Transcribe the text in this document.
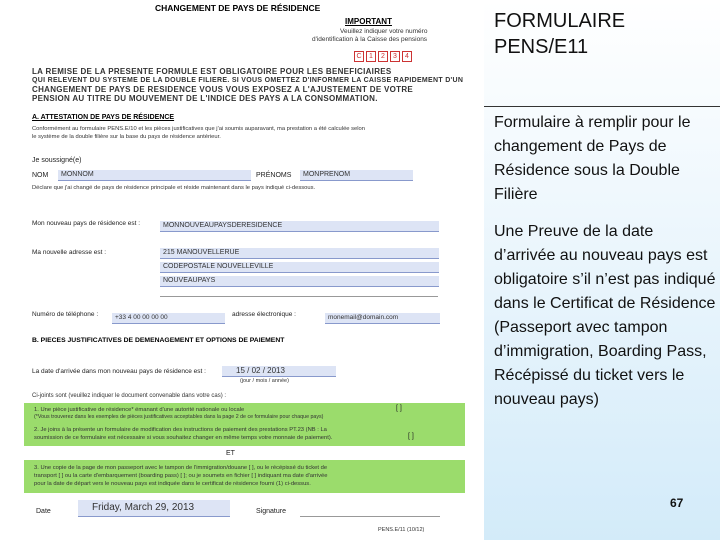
CHANGEMENT DE PAYS DE RÉSIDENCE
IMPORTANT
Veuillez indiquer votre numéro
d'identification à la Caisse des pensions
C	1	2	3	4
LA REMISE DE LA PRESENTE FORMULE EST OBLIGATOIRE POUR LES BENEFICIAIRES
QUI RELEVENT DU SYSTEME DE LA DOUBLE FILIERE. SI VOUS OMETTEZ D'INFORMER LA CAISSE RAPIDEMENT D'UN
CHANGEMENT DE PAYS DE RESIDENCE VOUS VOUS EXPOSEZ A L'AJUSTEMENT DE VOTRE
PENSION AU TITRE DU MOUVEMENT DE L'INDICE DES PAYS A LA CONSOMMATION.
A. ATTESTATION DE PAYS DE RÉSIDENCE
Conformément au formulaire PENS.E/10 et les pièces justificatives que j'ai soumis auparavant, ma prestation a été calculée selon
le système de la double filière sur la base du pays de résidence antérieur.
Je soussigné(e)
NOM	MONNOM	PRÉNOMS	MONPRENOM
Déclare que j'ai changé de pays de résidence principale et réside maintenant dans le pays indiqué ci-dessous.
Mon nouveau pays de résidence est :	MONNOUVEAUPAYSDERESIDENCE
Ma nouvelle adresse est :	215 MANOUVELLERUE
CODEPOSTALE NOUVELLEVILLE
NOUVEAUPAYS
Numéro de téléphone :	+33 4 00 00 00 00	adresse électronique :	monemail@domain.com
B. PIECES JUSTIFICATIVES DE DEMENAGEMENT ET OPTIONS DE PAIEMENT
La date d'arrivée dans mon nouveau pays de résidence est :	15 / 02 / 2013
(jour / mois / année)
Ci-joints sont (veuillez indiquer le document convenable dans votre cas) :
1. Une pièce justificative de résidence* émanant d'une autorité nationale ou locale	[ ]
(*Vous trouverez dans les exemples de pièces justificatives acceptables dans la page 2 de ce formulaire pour chaque pays)
2. Je joins à la présente un formulaire de modification des instructions de paiement des prestations PT.23 (NB : La
soumission de ce formulaire est nécessaire si vous souhaitez changer en même temps votre monnaie de paiement).	[ ]
ET
3. Une copie de la page de mon passeport avec le tampon de l'immigration/douane [ ], ou le récépissé du ticket de
transport [ ] ou la carte d'embarquement (boarding pass) [ ]; ou je soumets en fichier [ ] indiquant ma date d'arrivée
pour la date de départ vers le nouveau pays est indiquée dans le certificat de résidence fourni (1) ci-dessus.
Date	Friday, March 29, 2013	Signature
PENS.E/11 (10/12)
FORMULAIRE PENS/E11
Formulaire à remplir pour le changement de Pays de Résidence sous la Double Filière
Une Preuve de la date d’arrivée au nouveau pays est obligatoire s’il n’est pas indiqué dans le Certificat de Résidence (Passeport avec tampon d’immigration, Boarding Pass, Récépissé du ticket vers le nouveau pays)
67
